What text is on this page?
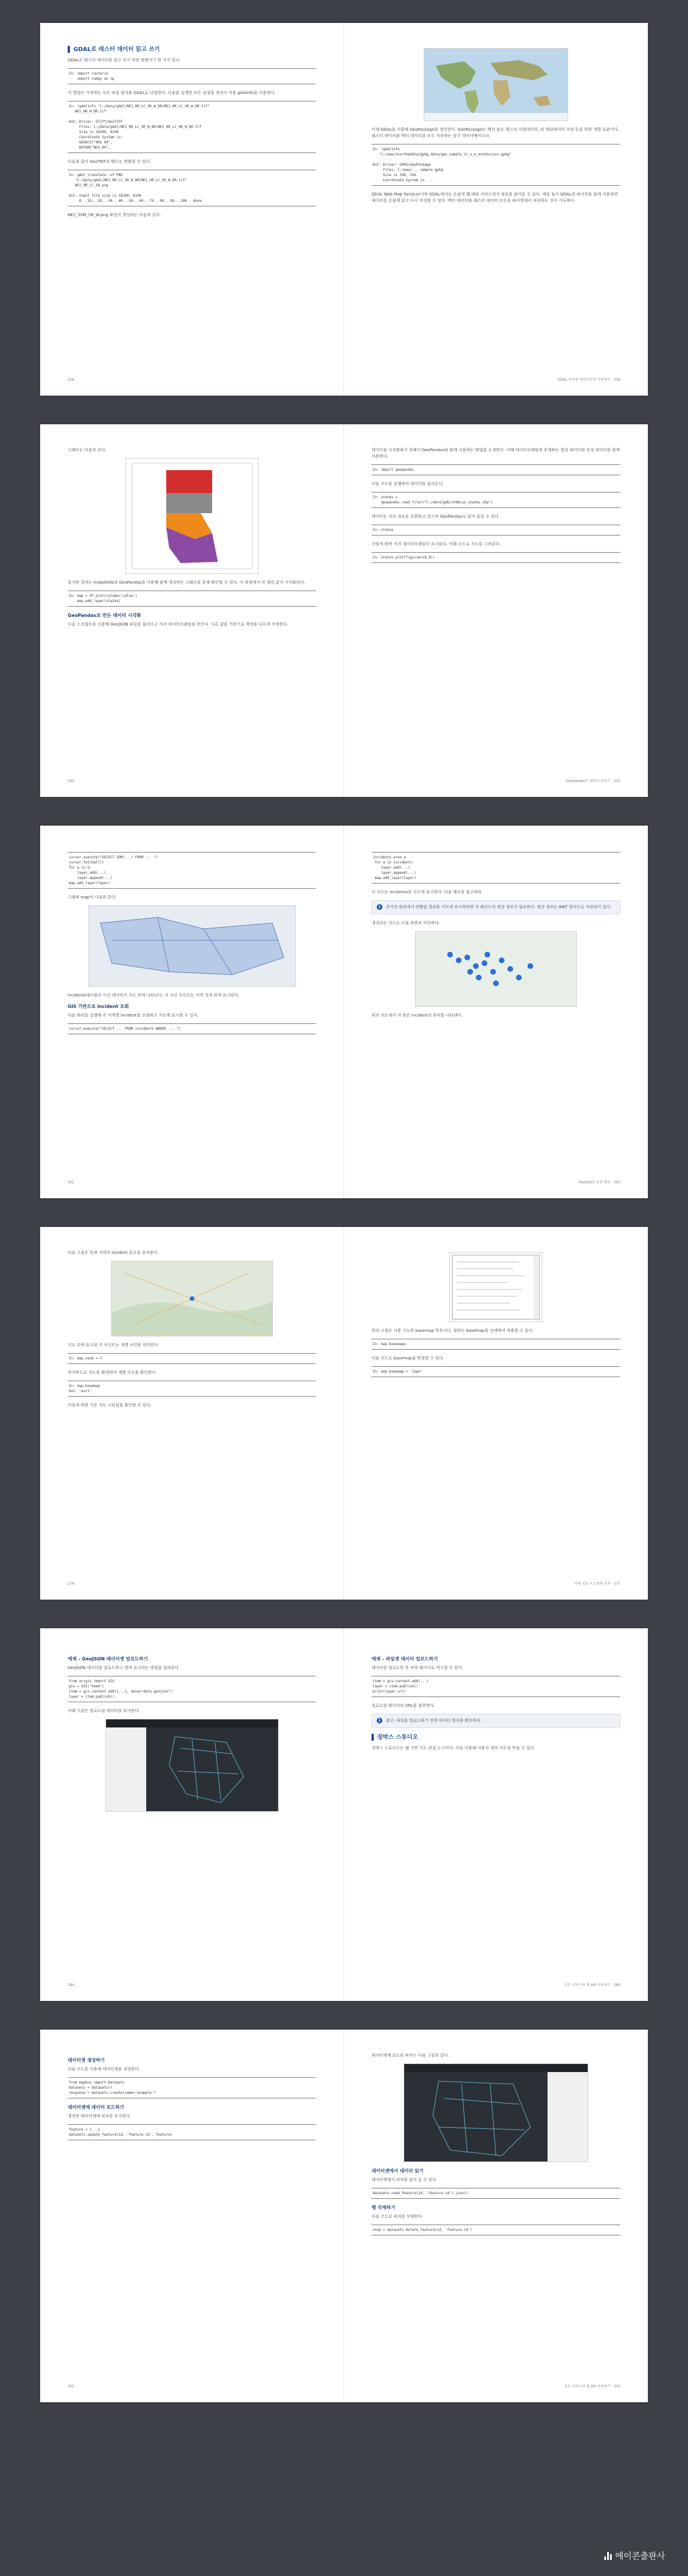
GDAL로 래스터 데이터 읽고 쓰기

GDAL은 래스터 데이터를 읽고 쓰기 위한 방법이기 한 가지 있다.

In: import rasterio
import numpy as np

이 명령은 가장하는 모든 파일 형식을 GDAL로 나열한다. 다음을 실행한 모든 설정을 정리이 사용 gdalinfo를 사용한다.

In: !gdalinfo "C:/data/gdal/NE1_HR_LC_SR_W_DR/NE1_HR_LC_SR_W_DR.tif"
NE1_HR_W_DR.tif

Out: Driver: GTiff/GeoTIFF
Files: C:/data/gdal/NE1_HR_LC_SR_W_DR/NE1_HR_LC_SR_W_DR.tif
Size is 16200, 8100
Coordinate System is:
GEOGCS["WGS 84",
DATUM["WGS_84",

다음과 같이 GeoTIFF의 밴드는 변환할 수 있다.

In: gdal_translate -of PNG
"C:/data/gdal/NE1_HR_LC_SR_W_DR/NE1_HR_LC_SR_W_DR.tif"
NE1_HR_LC_SR.png

Out: Input file size is 16200, 8100
0...10...20...30...40...50...60...70...80...90...100 - done.

NE1_50M_SR_W.png 파일이 생성되는 다음과 같다.

228

이제 GDAL을 사용해 GeoPackage를 생성한다. GeoPackage는 벡터 또는 래스터 지형데이터, 타 메타데이터 저장 등을 위한 개방 표준이다. 래스터 데이터와 벡터 데이터를 모두 저장하는 공간 데이터베이스다.

In: !gdalinfo
"C:/www/overthedata/gpkg_data/geo_sample_it_s_m_extensions.gpkg"

Out: Driver: GPKG/GeoPackage
Files: C:/www/... sample.gpkg
Size is 256, 256
Coordinate System is: ...

GDAL Web Map Service(이하 GDAL에서는 손쉽게 웹 매핑 서비스에서 정보를 읽어올 수 있다. 예를 들어 GDAL과 파이썬을 함께 사용하면 데이터를 손쉽게 읽고 다시 작성할 수 있다. 벡터 데이터와 래스터 데이터 모두를 파이썬에서 처리하는 것이 가능하다.

GDAL 파이썬 라이브러리 사용하기 · 229

그래프는 다음과 같다.

분석한 결과는 matplotlib과 GeoPandas를 사용해 함께 생성하는 그래프를 통해 확인할 수 있다. 이 과정에서 각 셀의 값이 시각화된다.

In: map = df.plot(column='value')
map.add_layer(states)
GeoPandas로 만든 데이터 시각화

다음 스크립트를 사용해 GeoJSON 파일을 불러오고 지리 데이터프레임을 만든다. 다른 값을 기준으로 색상을 다르게 지정한다.

242

데이터를 시각화하기 위해서 GeoPandas와 함께 사용하는 방법을 소개한다. 이때 데이터프레임에 존재하는 형상 데이터와 속성 데이터를 함께 사용한다.

In: import geopandas

다음 코드를 실행하여 데이터를 불러온다.

In: states =
geopandas.read_file(r"C:/data/gdb/ch08/us_states.shp")

데이터는 지리 정보를 포함하고 있으며 GeoPandas로 읽어 들일 수 있다.

In: states

이렇게 하면 지리 데이터프레임이 표시된다. 아래 코드로 지도를 그려본다.

In: states.plot(figsize=(8,8))
GeoPandas로 데이터 다루기 · 243
cursor.execute("SELECT SUM(...) FROM ... ")
cursor.fetchall()
for a in b:
layer.add(...)
layer.append(...)
map.add_layer(layer)

그래픽 map이 다음과 같다.

incidents테이블의 사건 데이터가 지도 위에 나타난다. 각 사건 포인트는 지역 경계 위에 표시된다.

GIS 기반으로 incident 조회

다음 쿼리를 실행해 각 지역별 incident를 조회하고 지도에 표시할 수 있다.

cursor.execute("SELECT ... FROM incidents WHERE ... ")
262
incidents area_a
for a in incidents:
layer.add(...)
layer.append(...)
map.add_layer(layer)

이 코드는 incidents를 지도에 표시한다. 다음 메모를 참고하라.

i	주어진 쿼리에서 반환된 결과를 지도에 표시하려면 각 레코드의 형상 정보가 필요하다. 형상 정보는 WKT 형식으로 저장되어 있다.

생성되는 지도는 다음 화면과 비슷하다.

위의 지도에서 각 원은 incident의 위치를 나타낸다.

PostGIS와 공간 쿼리 · 263

다음 그림은 특정 지역의 incident 분포를 보여준다.

지도 위에 표시된 각 포인트는 개별 사건을 의미한다.

In: map.zoom = 7

마지막으로 지도를 확대하여 개별 사건을 확인한다.

In: map.basemap
Out: 'esri'

이렇게 하면 기본 지도 스타일을 확인할 수 있다.

276

위의 그림은 사용 가능한 basemap 목록이다. 원하는 basemap을 선택하여 적용할 수 있다.

In: map.basemaps

다음 코드로 basemap을 변경할 수 있다.

In: map.basemap = 'topo'
지리 정보 시스템과 분석 · 277
예제 – GeoJSON 데이터셋 업로드하기

GeoJSON 데이터를 업로드하고 맵에 표시하는 방법을 살펴본다.

from arcgis import GIS
gis = GIS("home")
item = gis.content.add({...}, data="data.geojson")
layer = item.publish()

아래 그림은 업로드된 데이터를 보여준다.

284
예제 – 파일셋 데이터 업로드하기

데이터를 업로드한 후 피처 레이어로 게시할 수 있다.

item = gis.content.add(...)
layer = item.publish()
print(layer.url)

업로드된 레이어의 URL을 출력한다.

i	참고: 파일을 업로드하기 전에 데이터 형식을 확인하라.
장박스 스튜디오

장박스 스튜디오는 웹 기반 지도 편집 도구이다. 이를 이용해 사용자 정의 지도를 만들 수 있다.

지도 서비스와 웹 API 사용하기 · 285
데이터셋 생성하기

다음 코드를 사용해 데이터셋을 생성한다.

from mapbox import Datasets
datasets = Datasets()
response = datasets.create(name='example')
데이터셋에 데이터 로드하기

생성한 데이터셋에 피처를 추가한다.

feature = {...}
datasets.update_feature(id, 'feature-id', feature)
302

데이터셋에 로드된 피처는 다음 그림과 같다.

데이터셋에서 데이터 읽기

데이터셋에서 피처를 읽어 올 수 있다.

datasets.read_feature(id, 'feature-id').json()
행 삭제하기

다음 코드로 피처를 삭제한다.

resp = datasets.delete_feature(id, 'feature-id')
지도 서비스와 웹 API 사용하기 · 303
에이콘출판사
